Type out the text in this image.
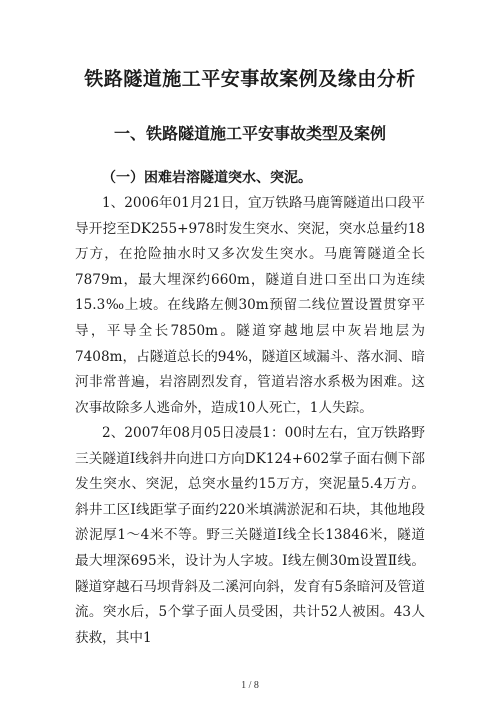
铁路隧道施工平安事故案例及缘由分析
一、铁路隧道施工平安事故类型及案例
（一）困难岩溶隧道突水、突泥。

1、2006年01月21日，宜万铁路马鹿箐隧道出口段平导开挖至DK255+978时发生突水、突泥，突水总量约18万方，在抢险抽水时又多次发生突水。马鹿箐隧道全长7879m，最大埋深约660m，隧道自进口至出口为连续15.3‰上坡。在线路左侧30m预留二线位置设置贯穿平导，平导全长7850m。隧道穿越地层中灰岩地层为7408m，占隧道总长的94%，隧道区域漏斗、落水洞、暗河非常普遍，岩溶剧烈发育，管道岩溶水系极为困难。这次事故除多人逃命外，造成10人死亡，1人失踪。

2、2007年08月05日凌晨1：00时左右，宜万铁路野三关隧道I线斜井向进口方向DK124+602掌子面右侧下部发生突水、突泥，总突水量约15万方，突泥量5.4万方。斜井工区Ⅰ线距掌子面约220米填满淤泥和石块，其他地段淤泥厚1～4米不等。野三关隧道Ⅰ线全长13846米，隧道最大埋深695米，设计为人字坡。Ⅰ线左侧30m设置Ⅱ线。隧道穿越石马坝背斜及二溪河向斜，发育有5条暗河及管道流。突水后，5个掌子面人员受困，共计52人被困。43人获救，其中1

1 / 8
